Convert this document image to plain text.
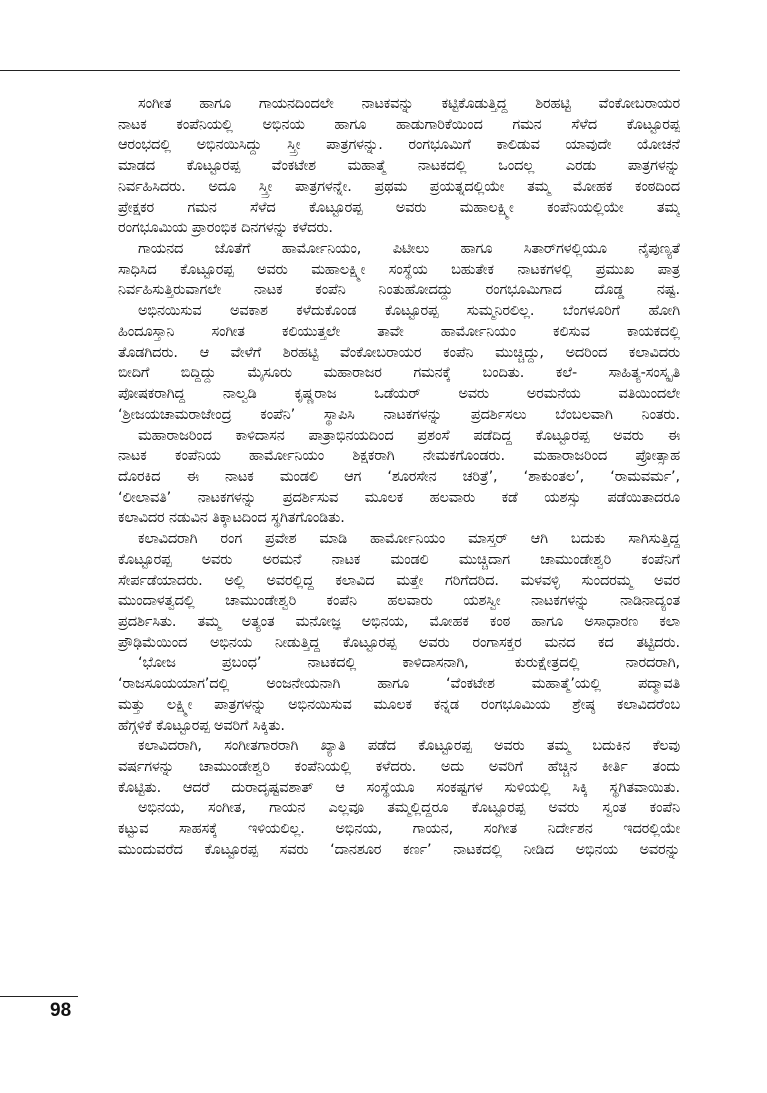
ಸಂಗೀತ ಹಾಗೂ ಗಾಯನದಿಂದಲೇ ನಾಟಕವನ್ನು ಕಟ್ಟಿಕೊಡುತ್ತಿದ್ದ ಶಿರಹಟ್ಟಿ ವೆಂಕೋಬರಾಯರ
ನಾಟಕ ಕಂಪೆನಿಯಲ್ಲಿ ಅಭಿನಯ ಹಾಗೂ ಹಾಡುಗಾರಿಕೆಯಿಂದ ಗಮನ ಸೆಳೆದ ಕೊಟ್ಟೂರಪ್ಪ
ಆರಂಭದಲ್ಲಿ ಅಭಿನಯಿಸಿದ್ದು ಸ್ತ್ರೀ ಪಾತ್ರಗಳನ್ನು. ರಂಗಭೂಮಿಗೆ ಕಾಲಿಡುವ ಯಾವುದೇ ಯೋಚನೆ
ಮಾಡದ ಕೊಟ್ಟೂರಪ್ಪ ವೆಂಕಟೇಶ ಮಹಾತ್ಮೆ ನಾಟಕದಲ್ಲಿ ಒಂದಲ್ಲ ಎರಡು ಪಾತ್ರಗಳನ್ನು
ನಿರ್ವಹಿಸಿದರು. ಅದೂ ಸ್ತ್ರೀ ಪಾತ್ರಗಳನ್ನೇ. ಪ್ರಥಮ ಪ್ರಯತ್ನದಲ್ಲಿಯೇ ತಮ್ಮ ಮೋಹಕ ಕಂಠದಿಂದ
ಪ್ರೇಕ್ಷಕರ ಗಮನ ಸೆಳೆದ ಕೊಟ್ಟೂರಪ್ಪ ಅವರು ಮಹಾಲಕ್ಷ್ಮೀ ಕಂಪೆನಿಯಲ್ಲಿಯೇ ತಮ್ಮ
ರಂಗಭೂಮಿಯ ಪ್ರಾರಂಭಿಕ ದಿನಗಳನ್ನು ಕಳೆದರು.
ಗಾಯನದ ಜೊತೆಗೆ ಹಾರ್ಮೋನಿಯಂ, ಪಿಟೀಲು ಹಾಗೂ ಸಿತಾರ್‌ಗಳಲ್ಲಿಯೂ ನೈಪುಣ್ಯತೆ
ಸಾಧಿಸಿದ ಕೊಟ್ಟೂರಪ್ಪ ಅವರು ಮಹಾಲಕ್ಷ್ಮೀ ಸಂಸ್ಥೆಯ ಬಹುತೇಕ ನಾಟಕಗಳಲ್ಲಿ ಪ್ರಮುಖ ಪಾತ್ರ
ನಿರ್ವಹಿಸುತ್ತಿರುವಾಗಲೇ ನಾಟಕ ಕಂಪೆನಿ ನಿಂತುಹೋದದ್ದು ರಂಗಭೂಮಿಗಾದ ದೊಡ್ಡ ನಷ್ಟ.
ಅಭಿನಯಿಸುವ ಅವಕಾಶ ಕಳೆದುಕೊಂಡ ಕೊಟ್ಟೂರಪ್ಪ ಸುಮ್ಮನಿರಲಿಲ್ಲ. ಬೆಂಗಳೂರಿಗೆ ಹೋಗಿ
ಹಿಂದೂಸ್ತಾನಿ ಸಂಗೀತ ಕಲಿಯುತ್ತಲೇ ತಾವೇ ಹಾರ್ಮೋನಿಯಂ ಕಲಿಸುವ ಕಾಯಕದಲ್ಲಿ
ತೊಡಗಿದರು. ಆ ವೇಳೆಗೆ ಶಿರಹಟ್ಟಿ ವೆಂಕೋಬರಾಯರ ಕಂಪೆನಿ ಮುಚ್ಚಿದ್ದು, ಅದರಿಂದ ಕಲಾವಿದರು
ಬೀದಿಗೆ ಬಿದ್ದಿದ್ದು ಮೈಸೂರು ಮಹಾರಾಜರ ಗಮನಕ್ಕೆ ಬಂದಿತು. ಕಲೆ- ಸಾಹಿತ್ಯ-ಸಂಸ್ಕೃತಿ
ಪೋಷಕರಾಗಿದ್ದ ನಾಲ್ವಡಿ ಕೃಷ್ಣರಾಜ ಒಡೆಯರ್ ಅವರು ಅರಮನೆಯ ವತಿಯಿಂದಲೇ
‘ಶ್ರೀಜಯಚಾಮರಾಜೇಂದ್ರ ಕಂಪೆನಿ’ ಸ್ಥಾಪಿಸಿ ನಾಟಕಗಳನ್ನು ಪ್ರದರ್ಶಿಸಲು ಬೆಂಬಲವಾಗಿ ನಿಂತರು.
ಮಹಾರಾಜರಿಂದ ಕಾಳಿದಾಸನ ಪಾತ್ರಾಭಿನಯದಿಂದ ಪ್ರಶಂಸೆ ಪಡೆದಿದ್ದ ಕೊಟ್ಟೂರಪ್ಪ ಅವರು ಈ
ನಾಟಕ ಕಂಪೆನಿಯ ಹಾರ್ಮೋನಿಯಂ ಶಿಕ್ಷಕರಾಗಿ ನೇಮಕಗೊಂಡರು. ಮಹಾರಾಜರಿಂದ ಪ್ರೋತ್ಸಾಹ
ದೊರಕಿದ ಈ ನಾಟಕ ಮಂಡಲಿ ಆಗ ‘ಶೂರಸೇನ ಚರಿತ್ರೆ’, ‘ಶಾಕುಂತಲ’, ‘ರಾಮವರ್ಮ’,
‘ಲೀಲಾವತಿ’ ನಾಟಕಗಳನ್ನು ಪ್ರದರ್ಶಿಸುವ ಮೂಲಕ ಹಲವಾರು ಕಡೆ ಯಶಸ್ಸು ಪಡೆಯಿತಾದರೂ
ಕಲಾವಿದರ ನಡುವಿನ ತಿಕ್ಕಾಟದಿಂದ ಸ್ಥಗಿತಗೊಂಡಿತು.
ಕಲಾವಿದರಾಗಿ ರಂಗ ಪ್ರವೇಶ ಮಾಡಿ ಹಾರ್ಮೋನಿಯಂ ಮಾಸ್ತರ್ ಆಗಿ ಬದುಕು ಸಾಗಿಸುತ್ತಿದ್ದ
ಕೊಟ್ಟೂರಪ್ಪ ಅವರು ಅರಮನೆ ನಾಟಕ ಮಂಡಲಿ ಮುಚ್ಚಿದಾಗ ಚಾಮುಂಡೇಶ್ವರಿ ಕಂಪೆನಿಗೆ
ಸೇರ್ಪಡೆಯಾದರು. ಅಲ್ಲಿ ಅವರಲ್ಲಿದ್ದ ಕಲಾವಿದ ಮತ್ತೇ ಗರಿಗೆದರಿದ. ಮಳವಳ್ಳಿ ಸುಂದರಮ್ಮ ಅವರ
ಮುಂದಾಳತ್ವದಲ್ಲಿ ಚಾಮುಂಡೇಶ್ವರಿ ಕಂಪೆನಿ ಹಲವಾರು ಯಶಸ್ವೀ ನಾಟಕಗಳನ್ನು ನಾಡಿನಾದ್ಯಂತ
ಪ್ರದರ್ಶಿಸಿತು. ತಮ್ಮ ಅತ್ಯಂತ ಮನೋಜ್ಞ ಅಭಿನಯ, ಮೋಹಕ ಕಂಠ ಹಾಗೂ ಅಸಾಧಾರಣ ಕಲಾ
ಪ್ರೌಢಿಮೆಯಿಂದ ಅಭಿನಯ ನೀಡುತ್ತಿದ್ದ ಕೊಟ್ಟೂರಪ್ಪ ಅವರು ರಂಗಾಸಕ್ತರ ಮನದ ಕದ ತಟ್ಟಿದರು.
‘ಭೋಜ ಪ್ರಬಂಧ’ ನಾಟಕದಲ್ಲಿ ಕಾಳಿದಾಸನಾಗಿ, ಕುರುಕ್ಷೇತ್ರದಲ್ಲಿ ನಾರದರಾಗಿ,
‘ರಾಜಸೂಯಯಾಗ’ದಲ್ಲಿ ಅಂಜನೇಯನಾಗಿ ಹಾಗೂ ‘ವೆಂಕಟೇಶ ಮಹಾತ್ಮೆ’ಯಲ್ಲಿ ಪದ್ಮಾವತಿ
ಮತ್ತು ಲಕ್ಷ್ಮೀ ಪಾತ್ರಗಳನ್ನು ಅಭಿನಯಿಸುವ ಮೂಲಕ ಕನ್ನಡ ರಂಗಭೂಮಿಯ ಶ್ರೇಷ್ಠ ಕಲಾವಿದರೆಂಬ
ಹೆಗ್ಗಳಿಕೆ ಕೊಟ್ಟೂರಪ್ಪ ಅವರಿಗೆ ಸಿಕ್ಕಿತು.
ಕಲಾವಿದರಾಗಿ, ಸಂಗೀತಗಾರರಾಗಿ ಖ್ಯಾತಿ ಪಡೆದ ಕೊಟ್ಟೂರಪ್ಪ ಅವರು ತಮ್ಮ ಬದುಕಿನ ಕೆಲವು
ವರ್ಷಗಳನ್ನು ಚಾಮುಂಡೇಶ್ವರಿ ಕಂಪೆನಿಯಲ್ಲಿ ಕಳೆದರು. ಅದು ಅವರಿಗೆ ಹೆಚ್ಚಿನ ಕೀರ್ತಿ ತಂದು
ಕೊಟ್ಟಿತು. ಆದರೆ ದುರಾದೃಷ್ಟವಶಾತ್ ಆ ಸಂಸ್ಥೆಯೂ ಸಂಕಷ್ಟಗಳ ಸುಳಿಯಲ್ಲಿ ಸಿಕ್ಕಿ ಸ್ಥಗಿತವಾಯಿತು.
ಅಭಿನಯ, ಸಂಗೀತ, ಗಾಯನ ಎಲ್ಲವೂ ತಮ್ಮಲ್ಲಿದ್ದರೂ ಕೊಟ್ಟೂರಪ್ಪ ಅವರು ಸ್ವಂತ ಕಂಪೆನಿ
ಕಟ್ಟುವ ಸಾಹಸಕ್ಕೆ ಇಳಿಯಲಿಲ್ಲ. ಅಭಿನಯ, ಗಾಯನ, ಸಂಗೀತ ನಿರ್ದೇಶನ ಇದರಲ್ಲಿಯೇ
ಮುಂದುವರೆದ ಕೊಟ್ಟೂರಪ್ಪ ಸವರು ‘ದಾನಶೂರ ಕರ್ಣ’ ನಾಟಕದಲ್ಲಿ ನೀಡಿದ ಅಭಿನಯ ಅವರನ್ನು
98
